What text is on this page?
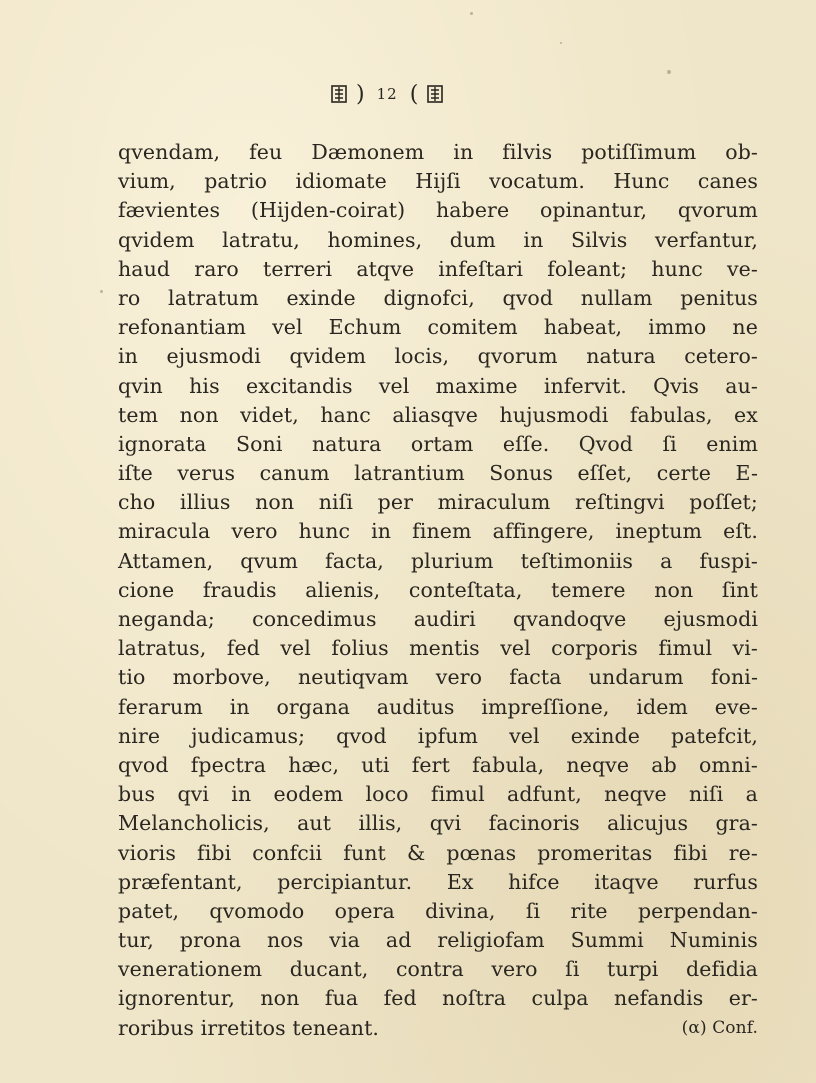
) 12 (
qvendam, feu Dæmonem in filvis potiſſimum ob-
vium, patrio idiomate Hijſi vocatum. Hunc canes
fævientes (Hijden-coirat) habere opinantur, qvorum
qvidem latratu, homines, dum in Silvis verfantur,
haud raro terreri atqve infeſtari foleant; hunc ve-
ro latratum exinde dignofci, qvod nullam penitus
refonantiam vel Echum comitem habeat, immo ne
in ejusmodi qvidem locis, qvorum natura cetero-
qvin his excitandis vel maxime infervit. Qvis au-
tem non videt, hanc aliasqve hujusmodi fabulas, ex
ignorata Soni natura ortam eſſe. Qvod ſi enim
iſte verus canum latrantium Sonus eſſet, certe E-
cho illius non niſi per miraculum reſtingvi poſſet;
miracula vero hunc in finem affingere, ineptum eſt.
Attamen, qvum facta, plurium teſtimoniis a fuspi-
cione fraudis alienis, conteſtata, temere non ſint
neganda; concedimus audiri qvandoqve ejusmodi
latratus, fed vel folius mentis vel corporis fimul vi-
tio morbove, neutiqvam vero facta undarum foni-
ferarum in organa auditus impreſſione, idem eve-
nire judicamus; qvod ipfum vel exinde patefcit,
qvod fpectra hæc, uti fert fabula, neqve ab omni-
bus qvi in eodem loco fimul adfunt, neqve niſi a
Melancholicis, aut illis, qvi facinoris alicujus gra-
vioris fibi confcii funt & pœnas promeritas fibi re-
præfentant, percipiantur. Ex hifce itaqve rurfus
patet, qvomodo opera divina, ſi rite perpendan-
tur, prona nos via ad religiofam Summi Numinis
venerationem ducant, contra vero ſi turpi defidia
ignorentur, non fua fed noſtra culpa nefandis er-
roribus irretitos teneant.	(α) Conf.
